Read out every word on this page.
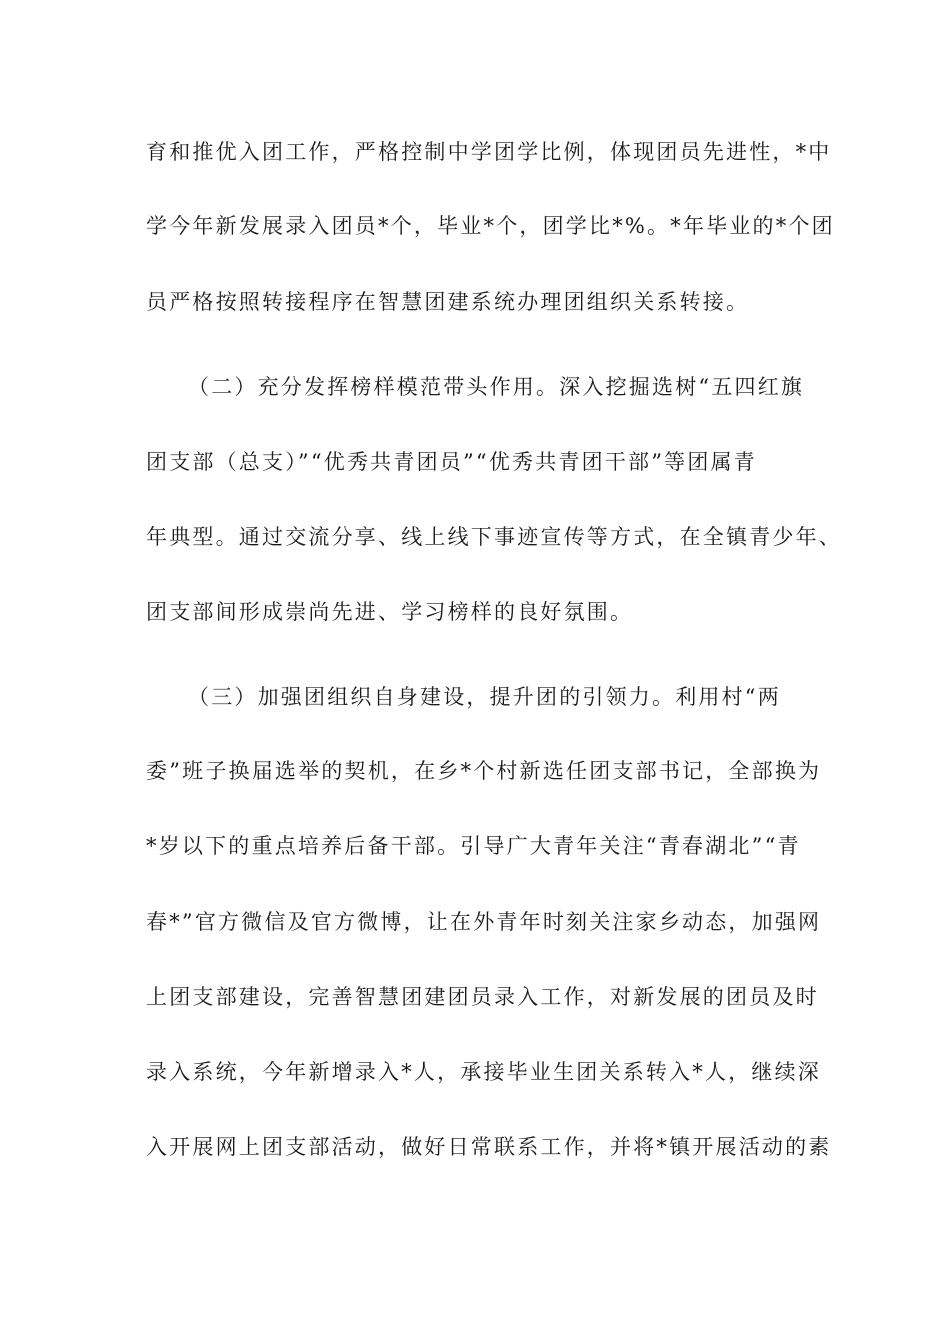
育和推优入团工作，严格控制中学团学比例，体现团员先进性，*中
学今年新发展录入团员*个，毕业*个，团学比*%。*年毕业的*个团
员严格按照转接程序在智慧团建系统办理团组织关系转接。
（二）充分发挥榜样模范带头作用。深入挖掘选树“五四红旗
团支部（总支）”“优秀共青团员”“优秀共青团干部”等团属青
年典型。通过交流分享、线上线下事迹宣传等方式，在全镇青少年、
团支部间形成崇尚先进、学习榜样的良好氛围。
（三）加强团组织自身建设，提升团的引领力。利用村“两
委”班子换届选举的契机，在乡*个村新选任团支部书记，全部换为
*岁以下的重点培养后备干部。引导广大青年关注“青春湖北”“青
春*”官方微信及官方微博，让在外青年时刻关注家乡动态，加强网
上团支部建设，完善智慧团建团员录入工作，对新发展的团员及时
录入系统，今年新增录入*人，承接毕业生团关系转入*人，继续深
入开展网上团支部活动，做好日常联系工作，并将*镇开展活动的素
